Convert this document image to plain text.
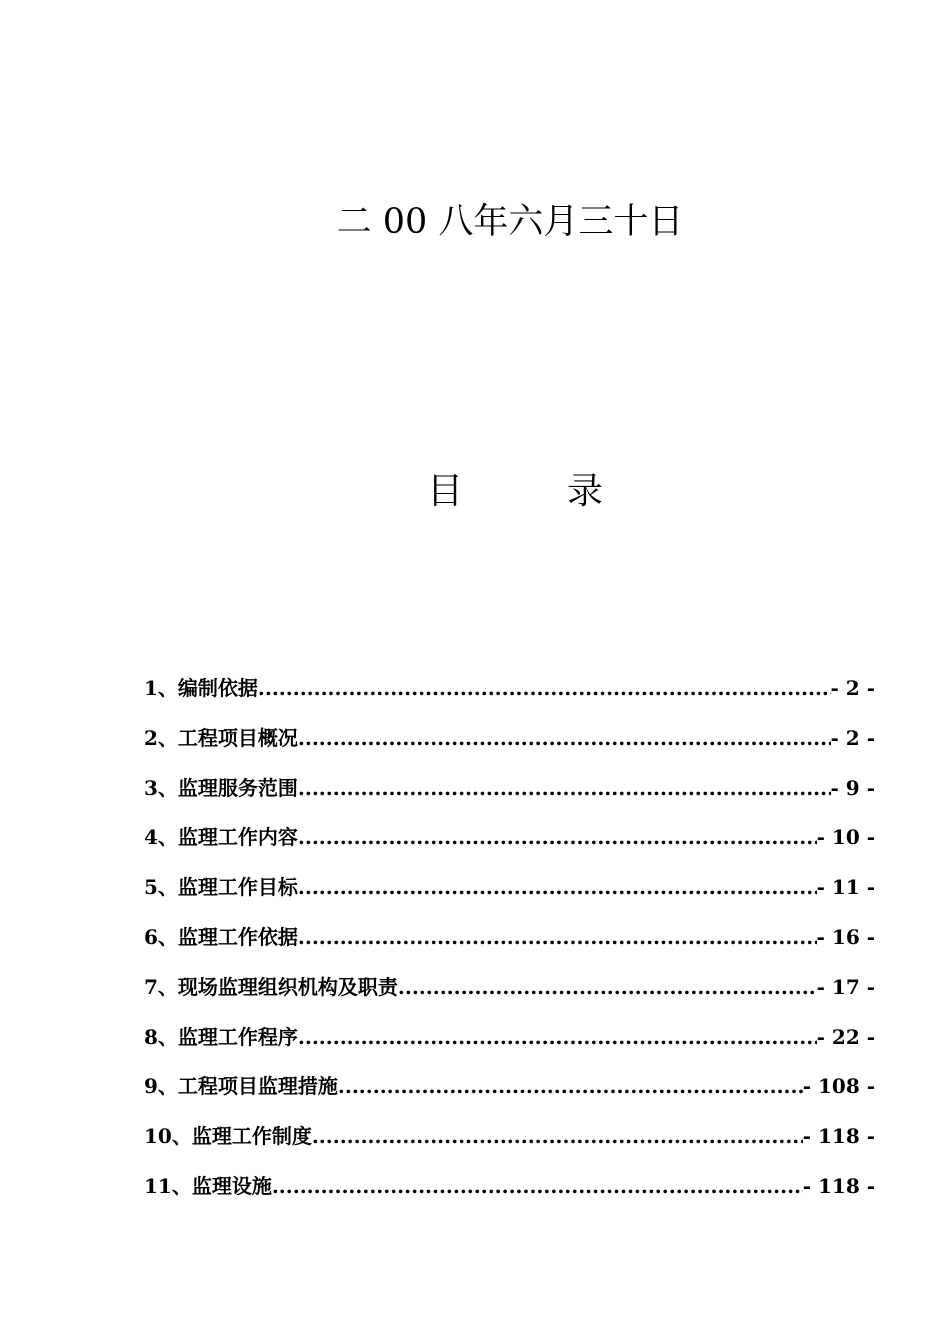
二 00 八年六月三十日
目	录
1、编制依据 .....	- 2 -
2、工程项目概况 .....	- 2 -
3、监理服务范围 .....	- 9 -
4、监理工作内容 .....	- 10 -
5、监理工作目标 .....	- 11 -
6、监理工作依据 .....	- 16 -
7、现场监理组织机构及职责 .....	- 17 -
8、监理工作程序 .....	- 22 -
9、工程项目监理措施 .....	- 108 -
10、监理工作制度 .....	- 118 -
11、监理设施 .....	- 118 -
